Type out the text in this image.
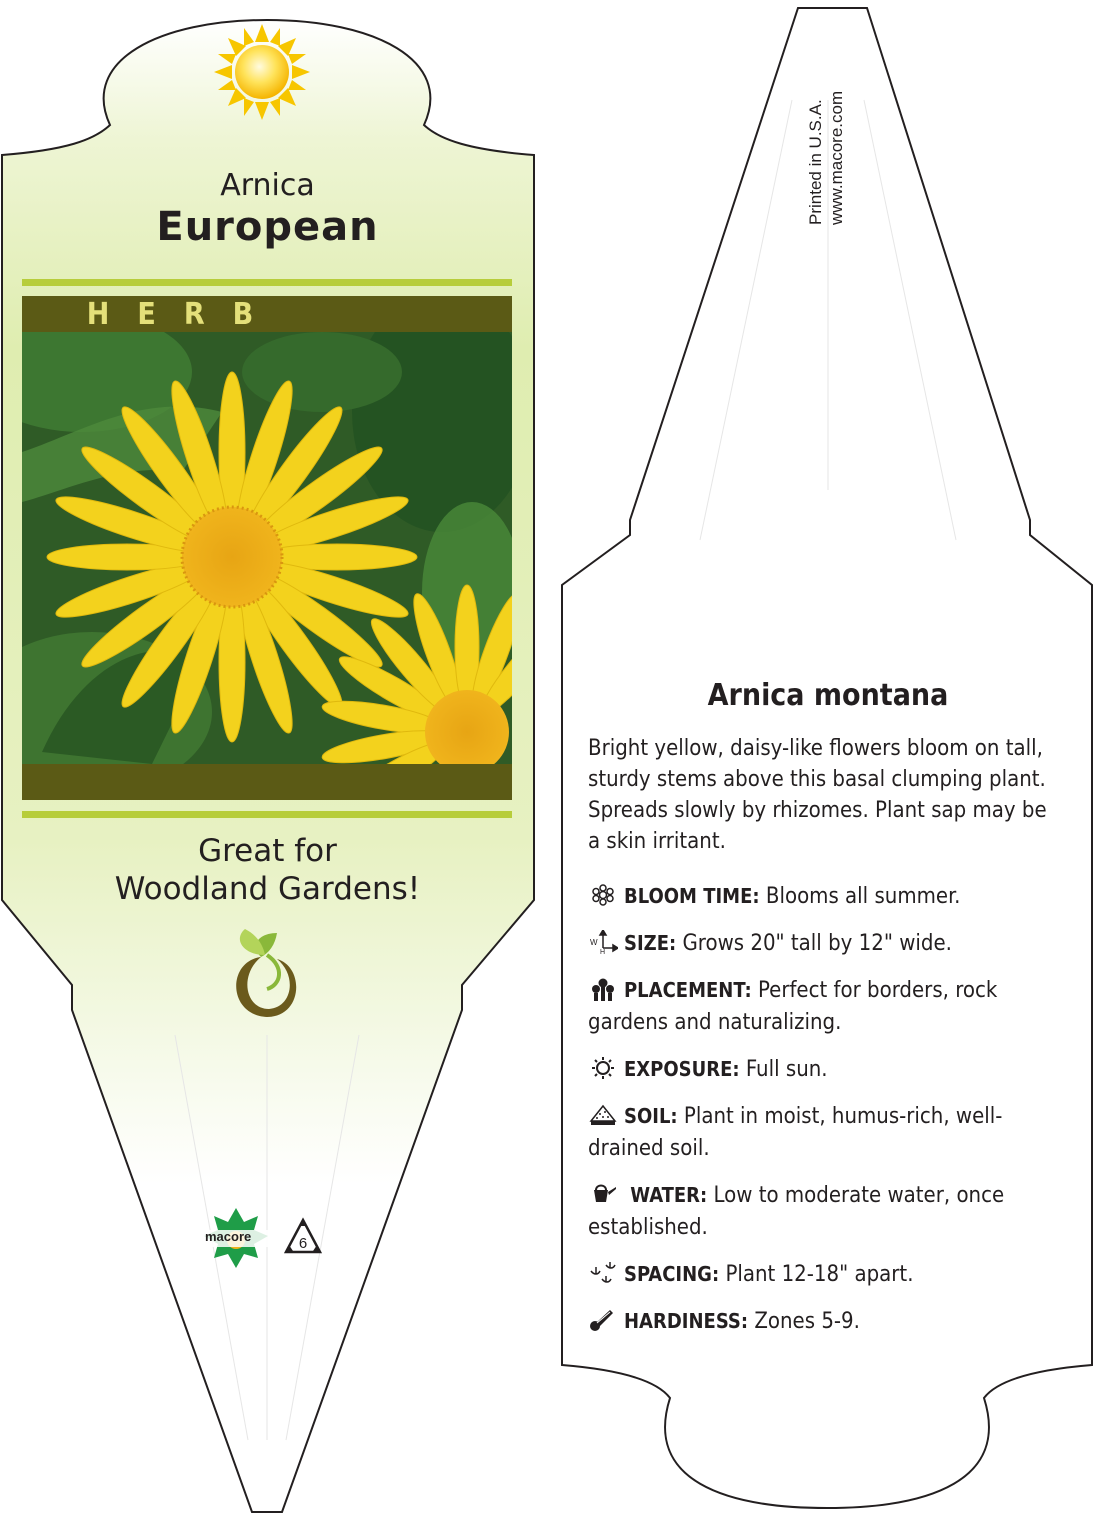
Arnica
European
HERB
Great for
Woodland Gardens!
macore	6
Printed in U.S.A. www.macore.com
Arnica montana
Bright yellow, daisy-like flowers bloom on tall, sturdy stems above this basal clumping plant. Spreads slowly by rhizomes. Plant sap may be a skin irritant.
BLOOM TIME: Blooms all summer.
W
H SIZE: Grows 20" tall by 12" wide.
PLACEMENT: Perfect for borders, rock gardens and naturalizing.
EXPOSURE: Full sun.
SOIL: Plant in moist, humus-rich, well-drained soil.
WATER: Low to moderate water, once established.
SPACING: Plant 12-18" apart.
HARDINESS: Zones 5-9.
